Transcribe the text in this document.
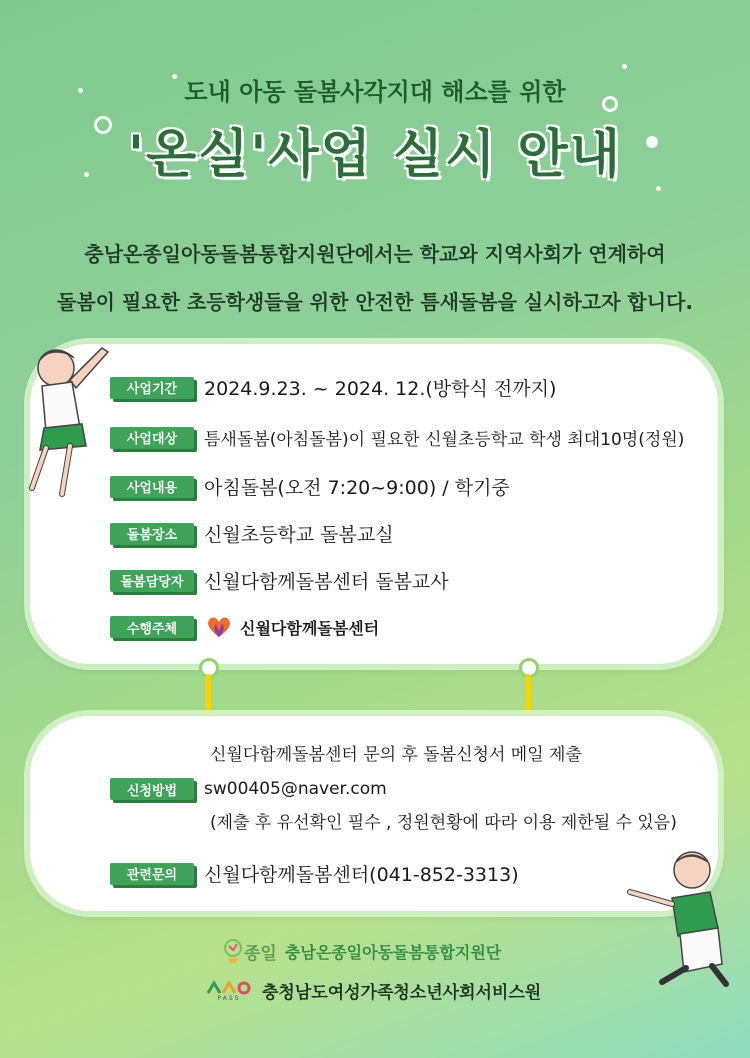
도내 아동 돌봄사각지대 해소를 위한
'온실'사업 실시 안내
충남온종일아동돌봄통합지원단에서는 학교와 지역사회가 연계하여
돌봄이 필요한 초등학생들을 위한 안전한 틈새돌봄을 실시하고자 합니다.
사업기간	2024.9.23. ~ 2024. 12.(방학식 전까지)
사업대상	틈새돌봄(아침돌봄)이 필요한 신월초등학교 학생 최대10명(정원)
사업내용	아침돌봄(오전 7:20~9:00) / 학기중
돌봄장소	신월초등학교 돌봄교실
돌봄담당자	신월다함께돌봄센터 돌봄교사
수행주체	신월다함께돌봄센터
신월다함께돌봄센터 문의 후 돌봄신청서 메일 제출
신청방법	sw00405@naver.com
(제출 후 유선확인 필수 , 정원현황에 따라 이용 제한될 수 있음)
관련문의	신월다함께돌봄센터(041-852-3313)
종일 충남온종일아동돌봄통합지원단
PASS 충청남도여성가족청소년사회서비스원
